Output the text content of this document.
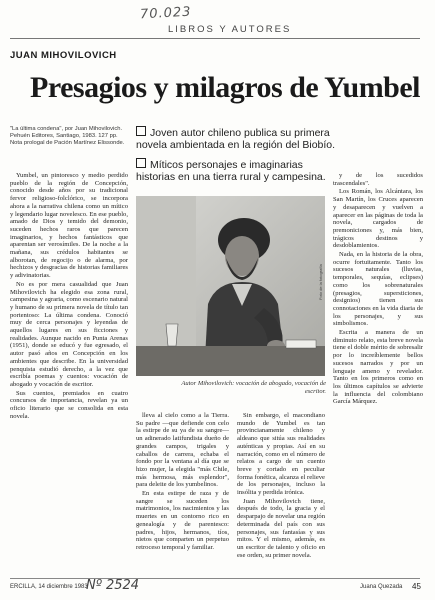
70.023
LIBROS Y AUTORES
JUAN MIHOVILOVICH
Presagios y milagros de Yumbel
"La última condena", por Juan Mihovilovich. Pehuén Editores, Santiago, 1983. 127 pp. Nota prologal de Pación Martínez Elissonde.
Joven autor chileno publica su primera novela ambientada en la región del Biobío.
Míticos personajes e imaginarias historias en una tierra rural y campesina.

Yumbel, un pintoresco y medio perdido pueblo de la región de Concepción, conocido desde años por su tradicional fervor religioso-folclórico, se incorpora ahora a la narrativa chilena como un mítico y legendario lugar novelesco. En ese pueblo, amado de Dios y temido del demonio, suceden hechos raros que parecen imaginarios, y hechos fantásticos que aparentan ser verosímiles. De la noche a la mañana, sus crédulos habitantes se alborotan, de regocijo o de alarma, por hechizos y desgracias de historias familiares y adivinatorias.

No es por mera casualidad que Juan Mihovilovich ha elegido esa zona rural, campesina y agraria, como escenario natural y humano de su primera novela de título tan portentoso: La última condena. Conoció muy de cerca personajes y leyendas de aquellos lugares en sus ficciones y realidades. Aunque nacido en Punta Arenas (1951), donde se educó y fue egresado, el autor pasó años en Concepción en los ambientes que describe. En la universidad penquista estudió derecho, a la vez que escribía poemas y cuentos: vocación de abogado y vocación de escritor.

Sus cuentos, premiados en cuatro concursos de importancia, revelan ya un oficio literario que se consolida en esta novela.

Foto de la fotografía
Autor Mihovilovich: vocación de abogado, vocación de escritor.

lleva al cielo como a la Tierra. Su padre —que defiende con celo la estirpe de su ya de su sangre— un adinerado latifundista dueño de grandes campos, trigales y caballos de carrera, echaba el fondo por la ventana al día que se hizo mujer, la elegida "más Chile, más hermosa, más esplendor", para deleite de los yumbelinos.

En esta estirpe de raza y de sangre se suceden los matrimonios, los nacimientos y las muertes en un contorno rico en genealogía y de parentesco: padres, hijos, hermanos, tíos, nietos que comparten un perpetuo retroceso temporal y familiar.

Sin embargo, el macondiano mundo de Yumbel es tan provincianamente chileno y aldeano que sitúa sus realidades auténticas y propias. Así en su narración, como en el número de relatos a cargo de un cuento breve y cortado en peculiar forma fonética, alcanza el relieve de los personajes, incluso la insólita y perdida irónica.

Juan Mihovilovich tiene, después de todo, la gracia y el desparpajo de novelar una región determinada del país con sus personajes, sus fantasías y sus mitos. Y el mismo, además, es un escritor de talento y oficio en ese orden, su primer novela.

y de los sucedidos trascendales".

Los Román, los Alcántara, los San Martín, los Cruces aparecen y desaparecen y vuelven a aparecer en las páginas de toda la novela, cargados de premoniciones y, más bien, trágicos destinos y desdoblamientos.

Nada, en la historia de la obra, ocurre fortuitamente. Tanto los sucesos naturales (lluvias, temporales, sequías, eclipses) como los sobrenaturales (presagios, supersticiones, designios) tienen sus connotaciones en la vida diaria de los personajes, y sus simbolismos.

Escrita a manera de un diminuto relato, esta breve novela tiene el doble mérito de sobresalir por lo increíblemente bellos sucesos narrados y por un lenguaje ameno y revelador. Tanto en los primeros como en los últimos capítulos se advierte la influencia del colombiano García Márquez.

ERCILLA, 14 diciembre 1983
Nº 2524	Juana Quezada 45
